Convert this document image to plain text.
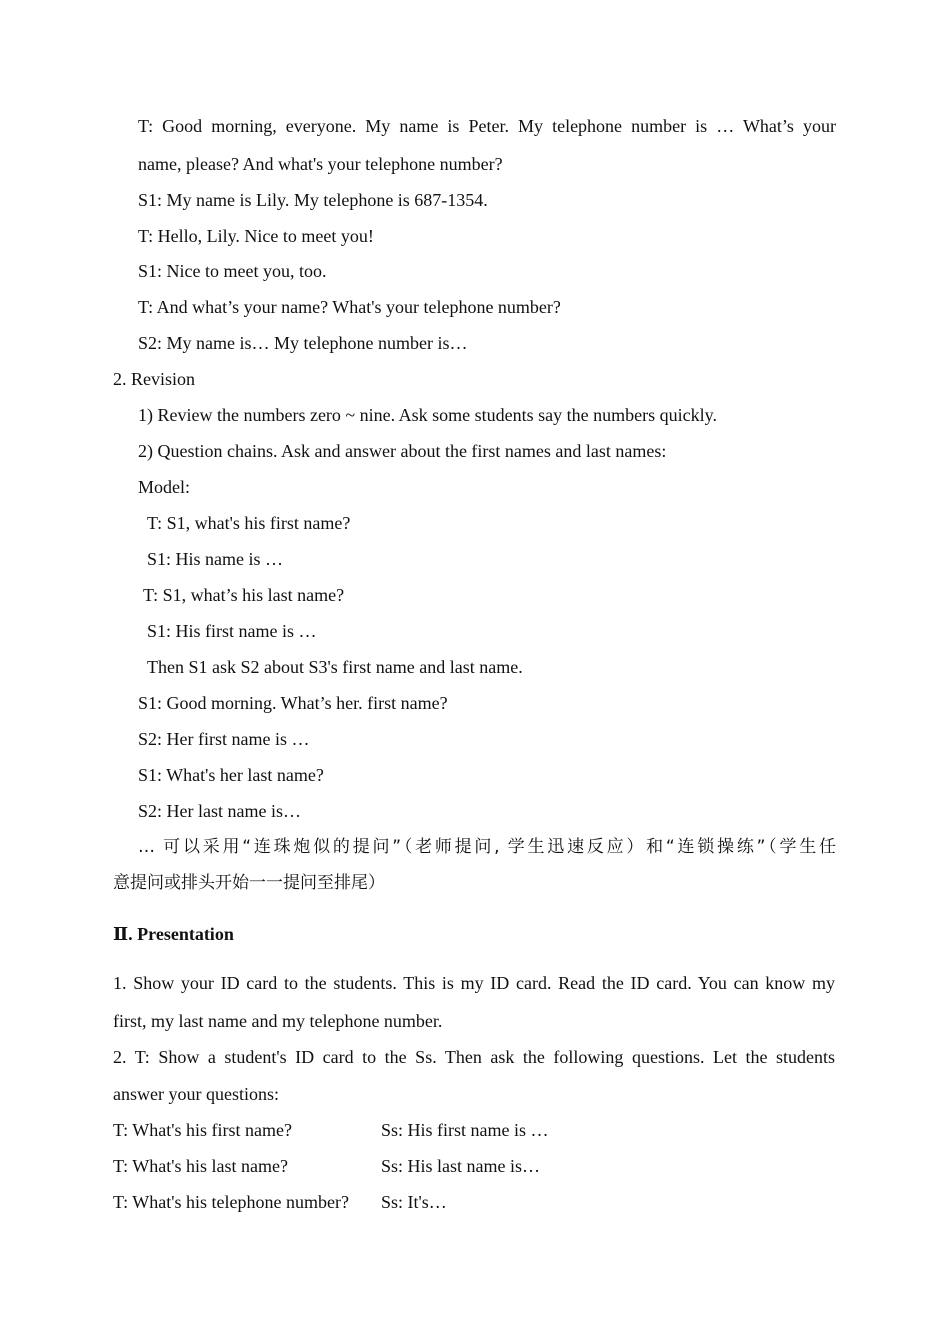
T: Good morning, everyone. My name is Peter. My telephone number is … What’s your
name, please? And what's your telephone number?
S1: My name is Lily. My telephone is 687-1354.
T: Hello, Lily. Nice to meet you!
S1: Nice to meet you, too.
T: And what’s your name? What's your telephone number?
S2: My name is… My telephone number is…
2. Revision
1) Review the numbers zero ~ nine. Ask some students say the numbers quickly.
2) Question chains. Ask and answer about the first names and last names:
Model:
T: S1, what's his first name?
S1: His name is …
T: S1, what’s his last name?
S1: His first name is …
Then S1 ask S2 about S3's first name and last name.
S1: Good morning. What’s her. first name?
S2: Her first name is …
S1: What's her last name?
S2: Her last name is…
… 可以采用“连珠炮似的提问”（老师提问, 学生迅速反应）和“连锁操练”（学生任
意提问或排头开始一一提问至排尾）
Ⅱ. Presentation
1. Show your ID card to the students. This is my ID card. Read the ID card. You can know my
first, my last name and my telephone number.
2. T: Show a student's ID card to the Ss. Then ask the following questions. Let the students
answer your questions:
T: What's his first name?	Ss: His first name is …
T: What's his last name?	Ss: His last name is…
T: What's his telephone number? Ss: It's…
